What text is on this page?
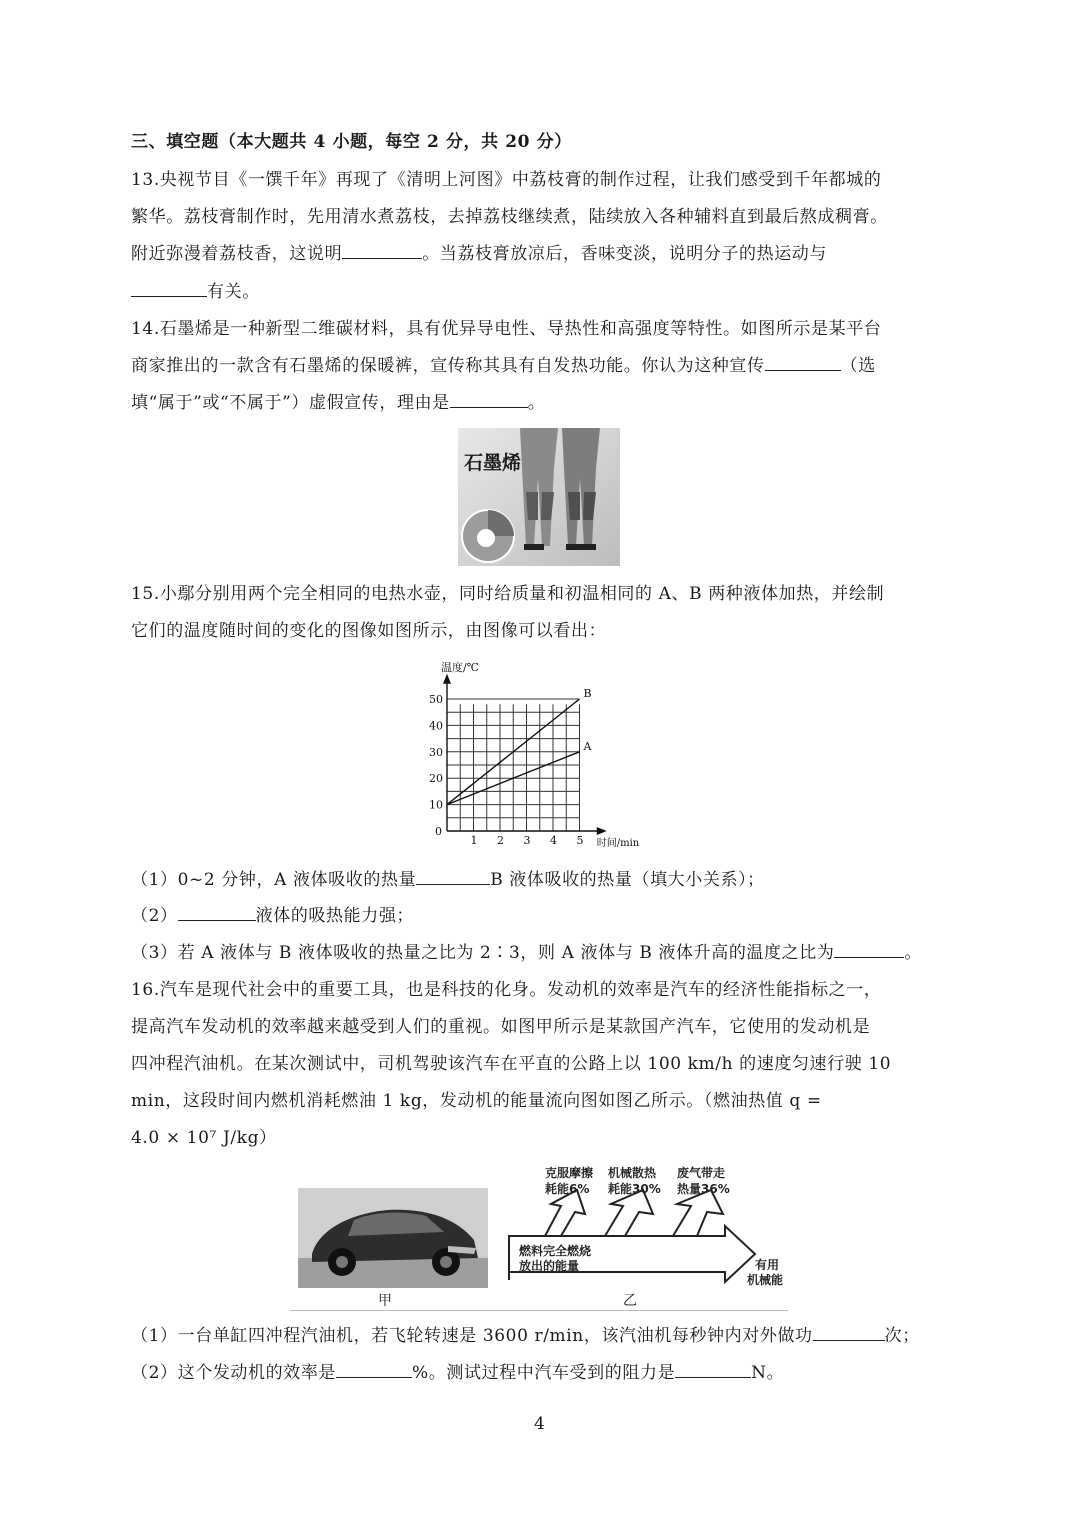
三、填空题（本大题共 4 小题，每空 2 分，共 20 分）
13.央视节目《一馔千年》再现了《清明上河图》中荔枝膏的制作过程，让我们感受到千年都城的
繁华。荔枝膏制作时，先用清水煮荔枝，去掉荔枝继续煮，陆续放入各种辅料直到最后熬成稠膏。
附近弥漫着荔枝香，这说明	。当荔枝膏放凉后，香味变淡，说明分子的热运动与
有关。
14.石墨烯是一种新型二维碳材料，具有优异导电性、导热性和高强度等特性。如图所示是某平台
商家推出的一款含有石墨烯的保暖裤，宣传称其具有自发热功能。你认为这种宣传	（选
填“属于”或“不属于”）虚假宣传，理由是	。
石墨烯
15.小鄢分别用两个完全相同的电热水壶，同时给质量和初温相同的 A、B 两种液体加热，并绘制
它们的温度随时间的变化的图像如图所示，由图像可以看出：
0
1 2 3 4 5
10
20
30
40
50
温度/℃
时间/min
A
B
（1）0~2 分钟，A 液体吸收的热量	B 液体吸收的热量（填大小关系）；
（2）	液体的吸热能力强；
（3）若 A 液体与 B 液体吸收的热量之比为 2∶3，则 A 液体与 B 液体升高的温度之比为	。
16.汽车是现代社会中的重要工具，也是科技的化身。发动机的效率是汽车的经济性能指标之一，
提高汽车发动机的效率越来越受到人们的重视。如图甲所示是某款国产汽车，它使用的发动机是
四冲程汽油机。在某次测试中，司机驾驶该汽车在平直的公路上以 100 km/h 的速度匀速行驶 10
min，这段时间内燃机消耗燃油 1 kg，发动机的能量流向图如图乙所示。（燃油热值 q =
4.0 × 10⁷ J/kg）
甲
克服摩擦
耗能6%
机械散热
耗能30%
废气带走
热量36%
燃料完全燃烧
放出的能量	有用
机械能
乙
（1）一台单缸四冲程汽油机，若飞轮转速是 3600 r/min，该汽油机每秒钟内对外做功	次；
（2）这个发动机的效率是	%。测试过程中汽车受到的阻力是	N。
4
